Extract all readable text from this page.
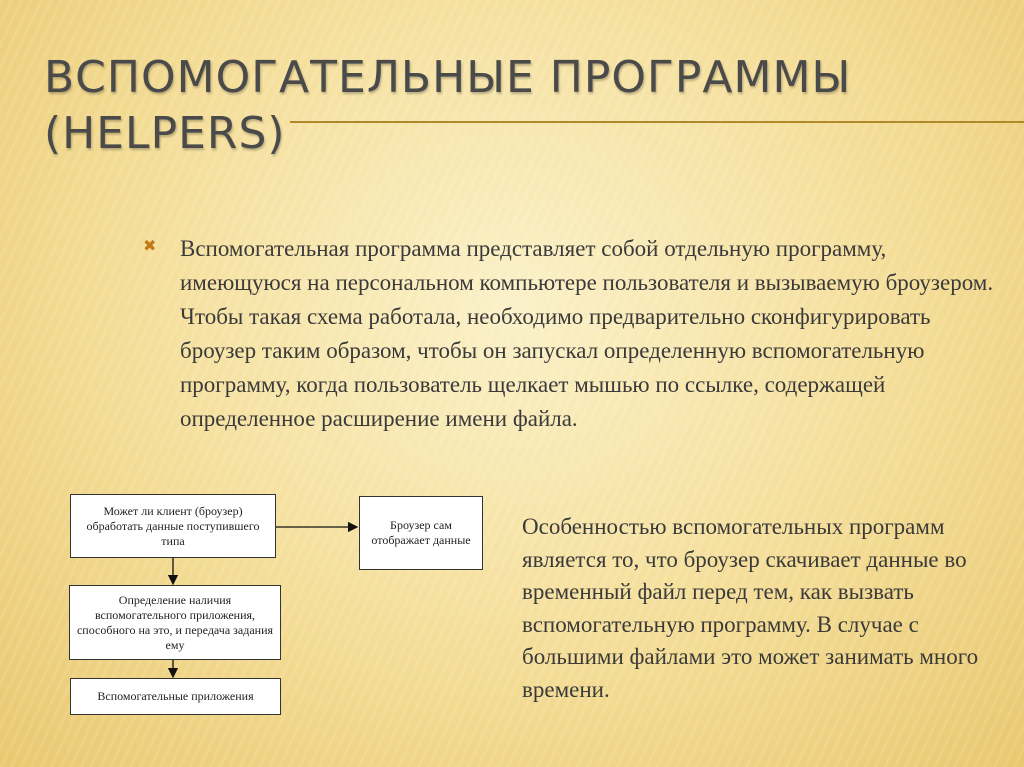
ВСПОМОГАТЕЛЬНЫЕ ПРОГРАММЫ (HELPERS)
✖ Вспомогательная программа представляет собой отдельную программу, имеющуюся на персональном компьютере пользователя и вызываемую броузером. Чтобы такая схема работала, необходимо предварительно сконфигурировать броузер таким образом, чтобы он запускал определенную вспомогательную программу, когда пользователь щелкает мышью по ссылке, содержащей определенное расширение имени файла.
Может ли клиент (броузер) обработать данные поступившего типа
Броузер сам отображает данные
Определение наличия вспомогательного приложения, способного на это, и передача задания ему
Вспомогательные приложения
Особенностью вспомогательных программ является то, что броузер скачивает данные во временный файл перед тем, как вызвать вспомогательную программу. В случае с большими файлами это может занимать много времени.
